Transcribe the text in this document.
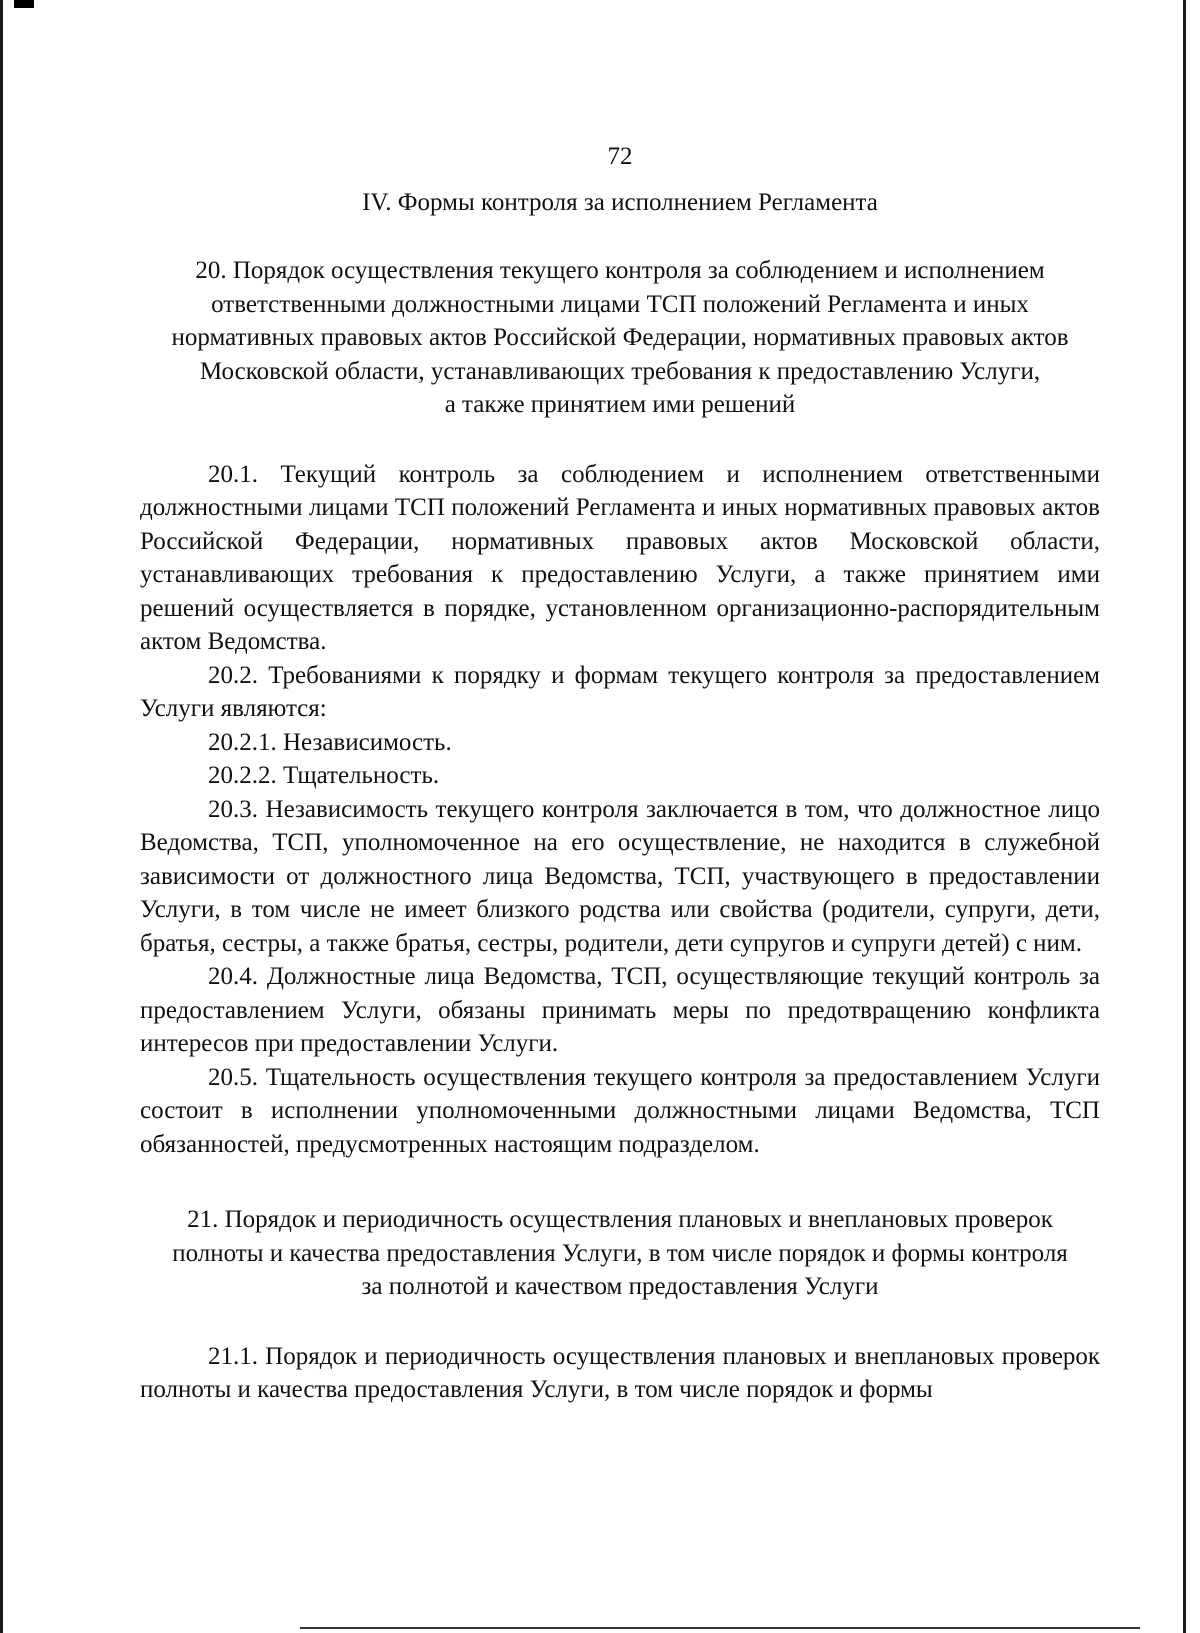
72
IV. Формы контроля за исполнением Регламента
20. Порядок осуществления текущего контроля за соблюдением и исполнением
ответственными должностными лицами ТСП положений Регламента и иных
нормативных правовых актов Российской Федерации, нормативных правовых актов
Московской области, устанавливающих требования к предоставлению Услуги,
а также принятием ими решений

20.1. Текущий контроль за соблюдением и исполнением ответственными должностными лицами ТСП положений Регламента и иных нормативных правовых актов Российской Федерации, нормативных правовых актов Московской области, устанавливающих требования к предоставлению Услуги, а также принятием ими решений осуществляется в порядке, установленном организационно-распорядительным актом Ведомства.

20.2. Требованиями к порядку и формам текущего контроля за предоставлением Услуги являются:

20.2.1. Независимость.

20.2.2. Тщательность.

20.3. Независимость текущего контроля заключается в том, что должностное лицо Ведомства, ТСП, уполномоченное на его осуществление, не находится в служебной зависимости от должностного лица Ведомства, ТСП, участвующего в предоставлении Услуги, в том числе не имеет близкого родства или свойства (родители, супруги, дети, братья, сестры, а также братья, сестры, родители, дети супругов и супруги детей) с ним.

20.4. Должностные лица Ведомства, ТСП, осуществляющие текущий контроль за предоставлением Услуги, обязаны принимать меры по предотвращению конфликта интересов при предоставлении Услуги.

20.5. Тщательность осуществления текущего контроля за предоставлением Услуги состоит в исполнении уполномоченными должностными лицами Ведомства, ТСП обязанностей, предусмотренных настоящим подразделом.

21. Порядок и периодичность осуществления плановых и внеплановых проверок
полноты и качества предоставления Услуги, в том числе порядок и формы контроля
за полнотой и качеством предоставления Услуги

21.1. Порядок и периодичность осуществления плановых и внеплановых проверок полноты и качества предоставления Услуги, в том числе порядок и формы
